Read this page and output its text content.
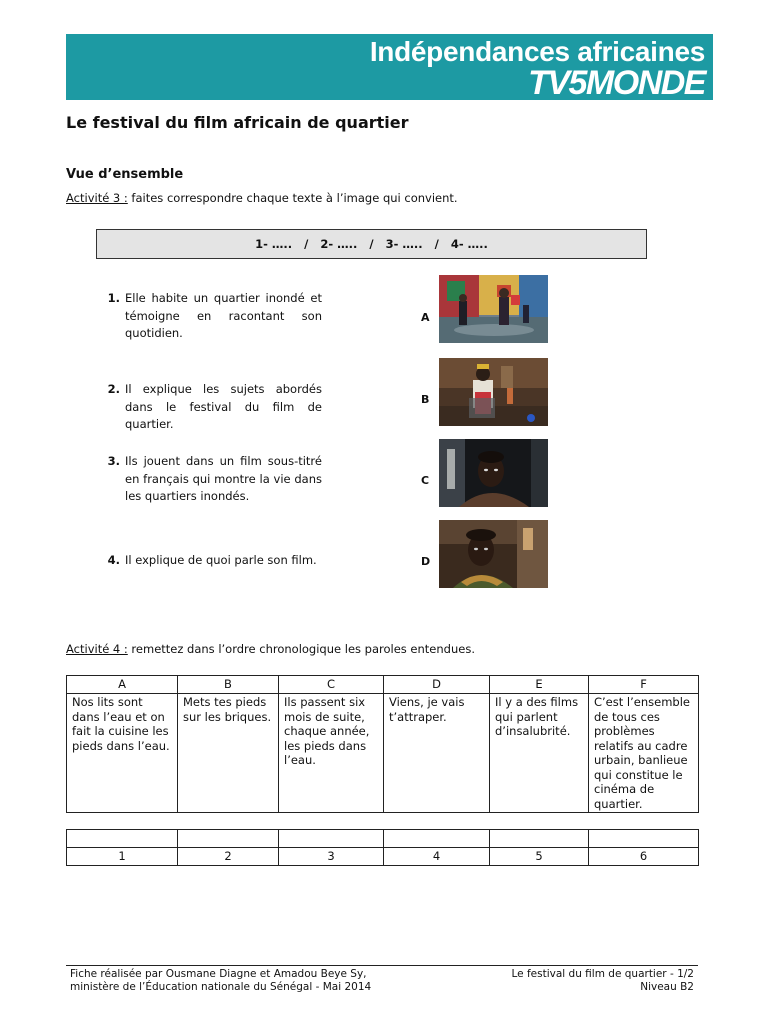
Indépendances africaines
TV5MONDE
Le festival du film africain de quartier
Vue d’ensemble
Activité 3 : faites correspondre chaque texte à l’image qui convient.
1- …..   /   2- …..   /   3- …..   /   4- …..
1. Elle habite un quartier inondé et témoigne en racontant son quotidien.
2. Il explique les sujets abordés dans le festival du film de quartier.
3. Ils jouent dans un film sous-titré en français qui montre la vie dans les quartiers inondés.
4. Il explique de quoi parle son film.
A
B
C
D
Activité 4 : remettez dans l’ordre chronologique les paroles entendues.
A	B	C	D	E	F
Nos lits sont dans l’eau et on fait la cuisine les pieds dans l’eau.	Mets tes pieds sur les briques.	Ils passent six mois de suite, chaque année, les pieds dans l’eau.	Viens, je vais t’attraper.	Il y a des films qui parlent d’insalubrité.	C’est l’ensemble de tous ces problèmes relatifs au cadre urbain, banlieue qui constitue le cinéma de quartier.

1	2	3	4	5	6
Fiche réalisée par Ousmane Diagne et Amadou Beye Sy,
ministère de l’Éducation nationale du Sénégal - Mai 2014
Le festival du film de quartier - 1/2
Niveau B2
